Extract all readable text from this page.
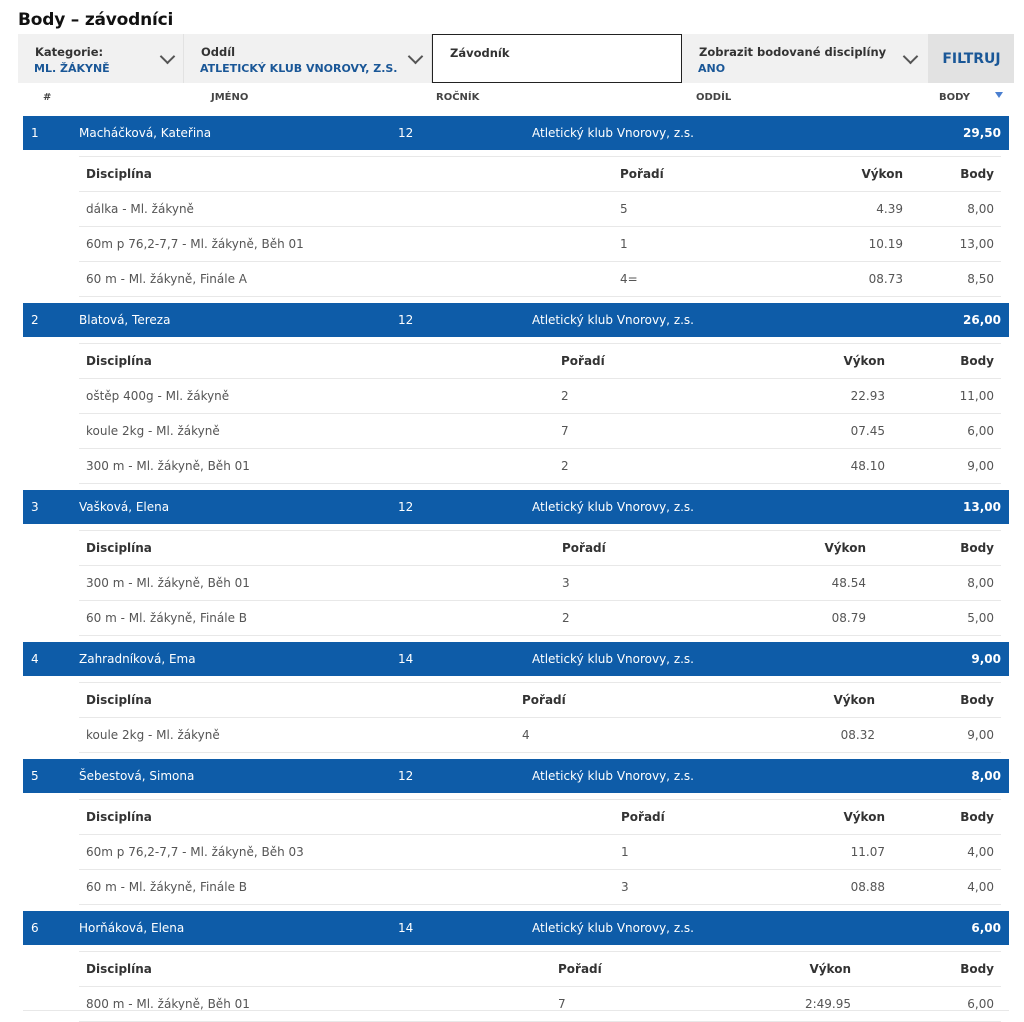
Body – závodníci
Kategorie:
ML. ŽÁKYNĚ
Oddíl
ATLETICKÝ KLUB VNOROVY, Z.S.
Závodník	Zobrazit bodované disciplíny
ANO
FILTRUJ
#	JMÉNO	ROČNÍK	ODDÍL	BODY
1	Macháčková, Kateřina	12	Atletický klub Vnorovy, z.s.	29,50
Disciplína	Pořadí	Výkon	Body
dálka - Ml. žákyně	5	4.39	8,00
60m p 76,2-7,7 - Ml. žákyně, Běh 01	1	10.19	13,00
60 m - Ml. žákyně, Finále A	4=	08.73	8,50
2	Blatová, Tereza	12	Atletický klub Vnorovy, z.s.	26,00
Disciplína	Pořadí	Výkon	Body
oštěp 400g - Ml. žákyně	2	22.93	11,00
koule 2kg - Ml. žákyně	7	07.45	6,00
300 m - Ml. žákyně, Běh 01	2	48.10	9,00
3	Vašková, Elena	12	Atletický klub Vnorovy, z.s.	13,00
Disciplína	Pořadí	Výkon	Body
300 m - Ml. žákyně, Běh 01	3	48.54	8,00
60 m - Ml. žákyně, Finále B	2	08.79	5,00
4	Zahradníková, Ema	14	Atletický klub Vnorovy, z.s.	9,00
Disciplína	Pořadí	Výkon	Body
koule 2kg - Ml. žákyně	4	08.32	9,00
5	Šebestová, Simona	12	Atletický klub Vnorovy, z.s.	8,00
Disciplína	Pořadí	Výkon	Body
60m p 76,2-7,7 - Ml. žákyně, Běh 03	1	11.07	4,00
60 m - Ml. žákyně, Finále B	3	08.88	4,00
6	Horňáková, Elena	14	Atletický klub Vnorovy, z.s.	6,00
Disciplína	Pořadí	Výkon	Body
800 m - Ml. žákyně, Běh 01	7	2:49.95	6,00
